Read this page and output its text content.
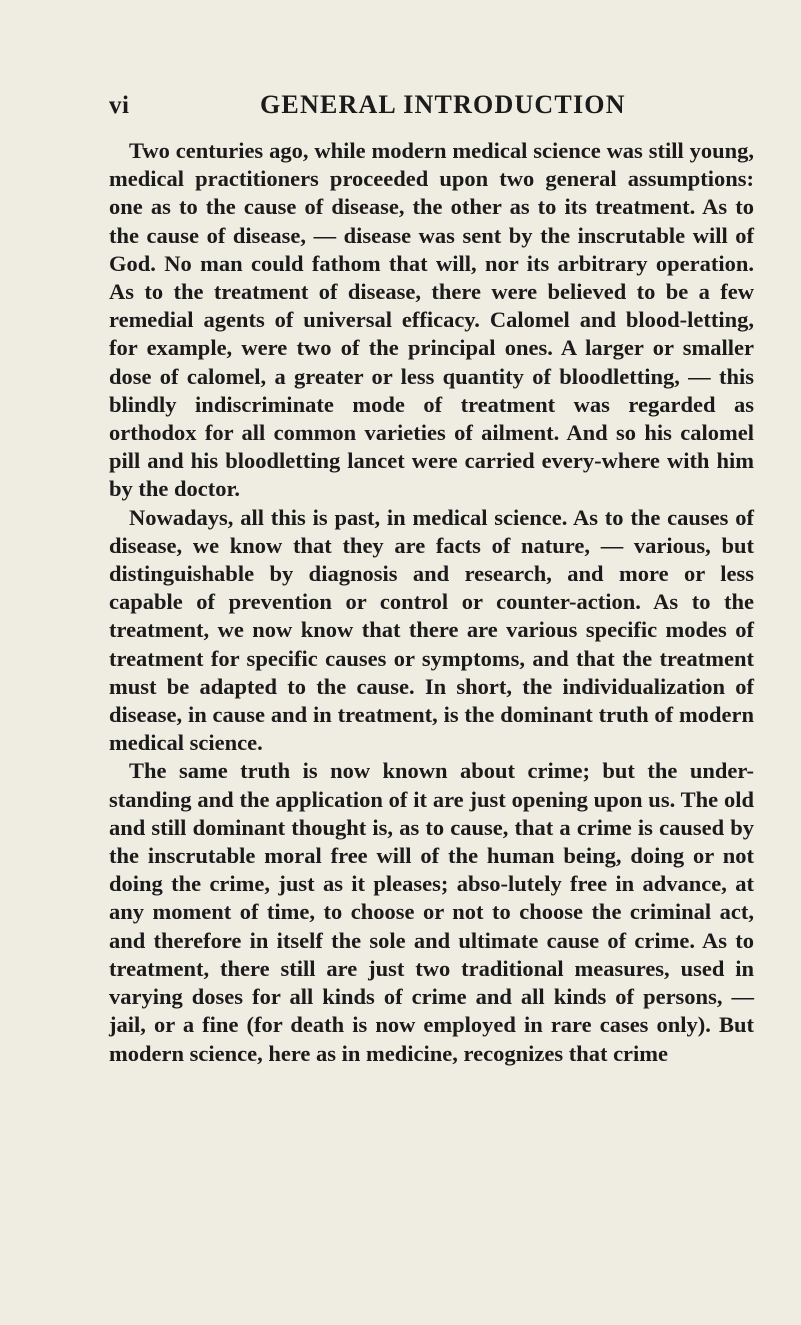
vi	GENERAL INTRODUCTION

Two centuries ago, while modern medical science was still young, medical practitioners proceeded upon two general assumptions: one as to the cause of disease, the other as to its treatment. As to the cause of disease, — disease was sent by the inscrutable will of God. No man could fathom that will, nor its arbitrary operation. As to the treatment of disease, there were believed to be a few remedial agents of universal efficacy. Calomel and blood-letting, for example, were two of the principal ones. A larger or smaller dose of calomel, a greater or less quantity of bloodletting, — this blindly indiscriminate mode of treatment was regarded as orthodox for all common varieties of ailment. And so his calomel pill and his bloodletting lancet were carried every-where with him by the doctor.

Nowadays, all this is past, in medical science. As to the causes of disease, we know that they are facts of nature, — various, but distinguishable by diagnosis and research, and more or less capable of prevention or control or counter-action. As to the treatment, we now know that there are various specific modes of treatment for specific causes or symptoms, and that the treatment must be adapted to the cause. In short, the individualization of disease, in cause and in treatment, is the dominant truth of modern medical science.

The same truth is now known about crime; but the under-standing and the application of it are just opening upon us. The old and still dominant thought is, as to cause, that a crime is caused by the inscrutable moral free will of the human being, doing or not doing the crime, just as it pleases; abso-lutely free in advance, at any moment of time, to choose or not to choose the criminal act, and therefore in itself the sole and ultimate cause of crime. As to treatment, there still are just two traditional measures, used in varying doses for all kinds of crime and all kinds of persons, — jail, or a fine (for death is now employed in rare cases only). But modern science, here as in medicine, recognizes that crime
